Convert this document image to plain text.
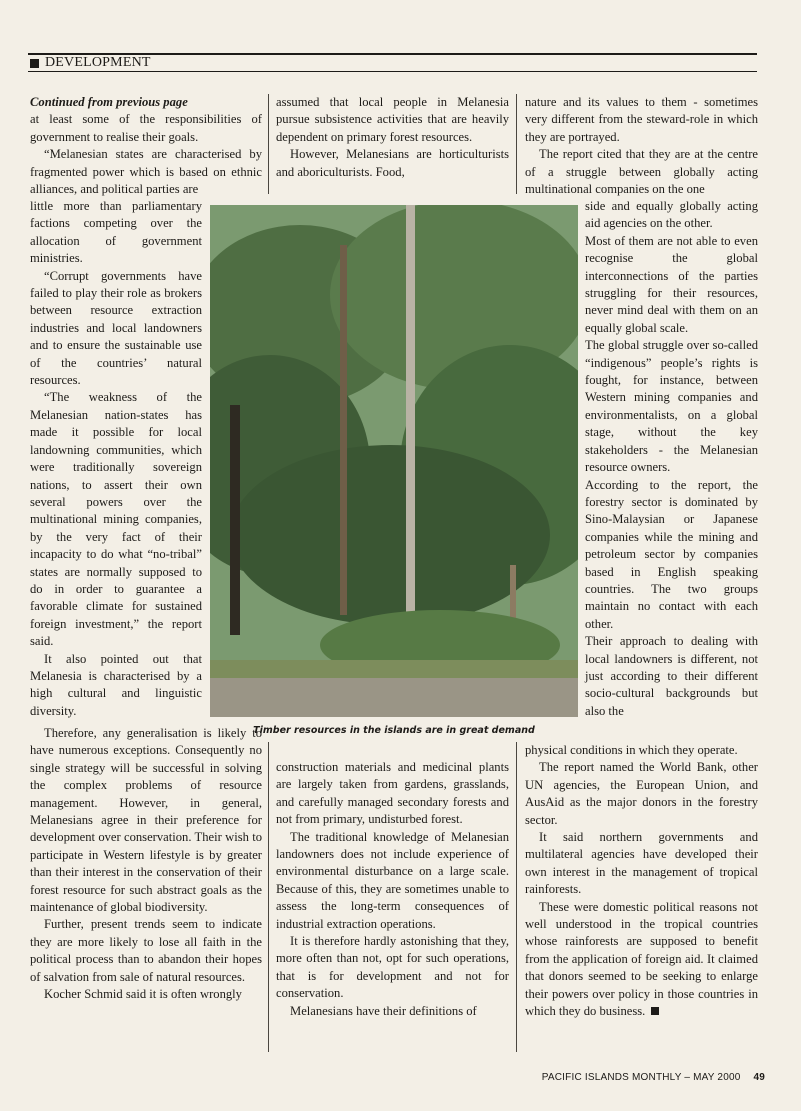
DEVELOPMENT

Continued from previous page

at least some of the responsibilities of government to realise their goals.

“Melanesian states are characterised by fragmented power which is based on ethnic alliances, and political parties are

little more than parliamentary factions competing over the allocation of government ministries.

“Corrupt governments have failed to play their role as brokers between resource extraction industries and local landowners and to ensure the sustainable use of the countries’ natural resources.

“The weakness of the Melanesian nation-states has made it possible for local landowning communities, which were traditionally sovereign nations, to assert their own several powers over the multinational mining companies, by the very fact of their incapacity to do what “no-tribal” states are normally supposed to do in order to guarantee a favorable climate for sustained foreign investment,” the report said.

It also pointed out that Melanesia is characterised by a high cultural and linguistic diversity.

Therefore, any generalisation is likely to have numerous exceptions. Consequently no single strategy will be successful in solving the complex problems of resource management. However, in general, Melanesians agree in their preference for development over conservation. Their wish to participate in Western lifestyle is by greater than their interest in the conservation of their forest resource for such abstract goals as the maintenance of global biodiversity.

Further, present trends seem to indicate they are more likely to lose all faith in the political process than to abandon their hopes of salvation from sale of natural resources.

Kocher Schmid said it is often wrongly

assumed that local people in Melanesia pursue subsistence activities that are heavily dependent on primary forest resources.

However, Melanesians are horticulturists and aboriculturists. Food,

construction materials and medicinal plants are largely taken from gardens, grasslands, and carefully managed secondary forests and not from primary, undisturbed forest.

The traditional knowledge of Melanesian landowners does not include experience of environmental disturbance on a large scale. Because of this, they are sometimes unable to assess the long-term consequences of industrial extraction operations.

It is therefore hardly astonishing that they, more often than not, opt for such operations, that is for development and not for conservation.

Melanesians have their definitions of

nature and its values to them - sometimes very different from the steward-role in which they are portrayed.

The report cited that they are at the centre of a struggle between globally acting multinational companies on the one

side and equally globally acting aid agencies on the other.

Most of them are not able to even recognise the global interconnections of the parties struggling for their resources, never mind deal with them on an equally global scale.

The global struggle over so-called “indigenous” people’s rights is fought, for instance, between Western mining companies and environmentalists, on a global stage, without the key stakeholders - the Melanesian resource owners.

According to the report, the forestry sector is dominated by Sino-Malaysian or Japanese companies while the mining and petroleum sector by companies based in English speaking countries. The two groups maintain no contact with each other.

Their approach to dealing with local landowners is different, not just according to their different socio-cultural backgrounds but also the

physical conditions in which they operate.

The report named the World Bank, other UN agencies, the European Union, and AusAid as the major donors in the forestry sector.

It said northern governments and multilateral agencies have developed their own interest in the management of tropical rainforests.

These were domestic political reasons not well understood in the tropical countries whose rainforests are supposed to benefit from the application of foreign aid. It claimed that donors seemed to be seeking to enlarge their powers over policy in those countries in which they do business.

Timber resources in the islands are in great demand
PACIFIC ISLANDS MONTHLY – MAY 2000 49
